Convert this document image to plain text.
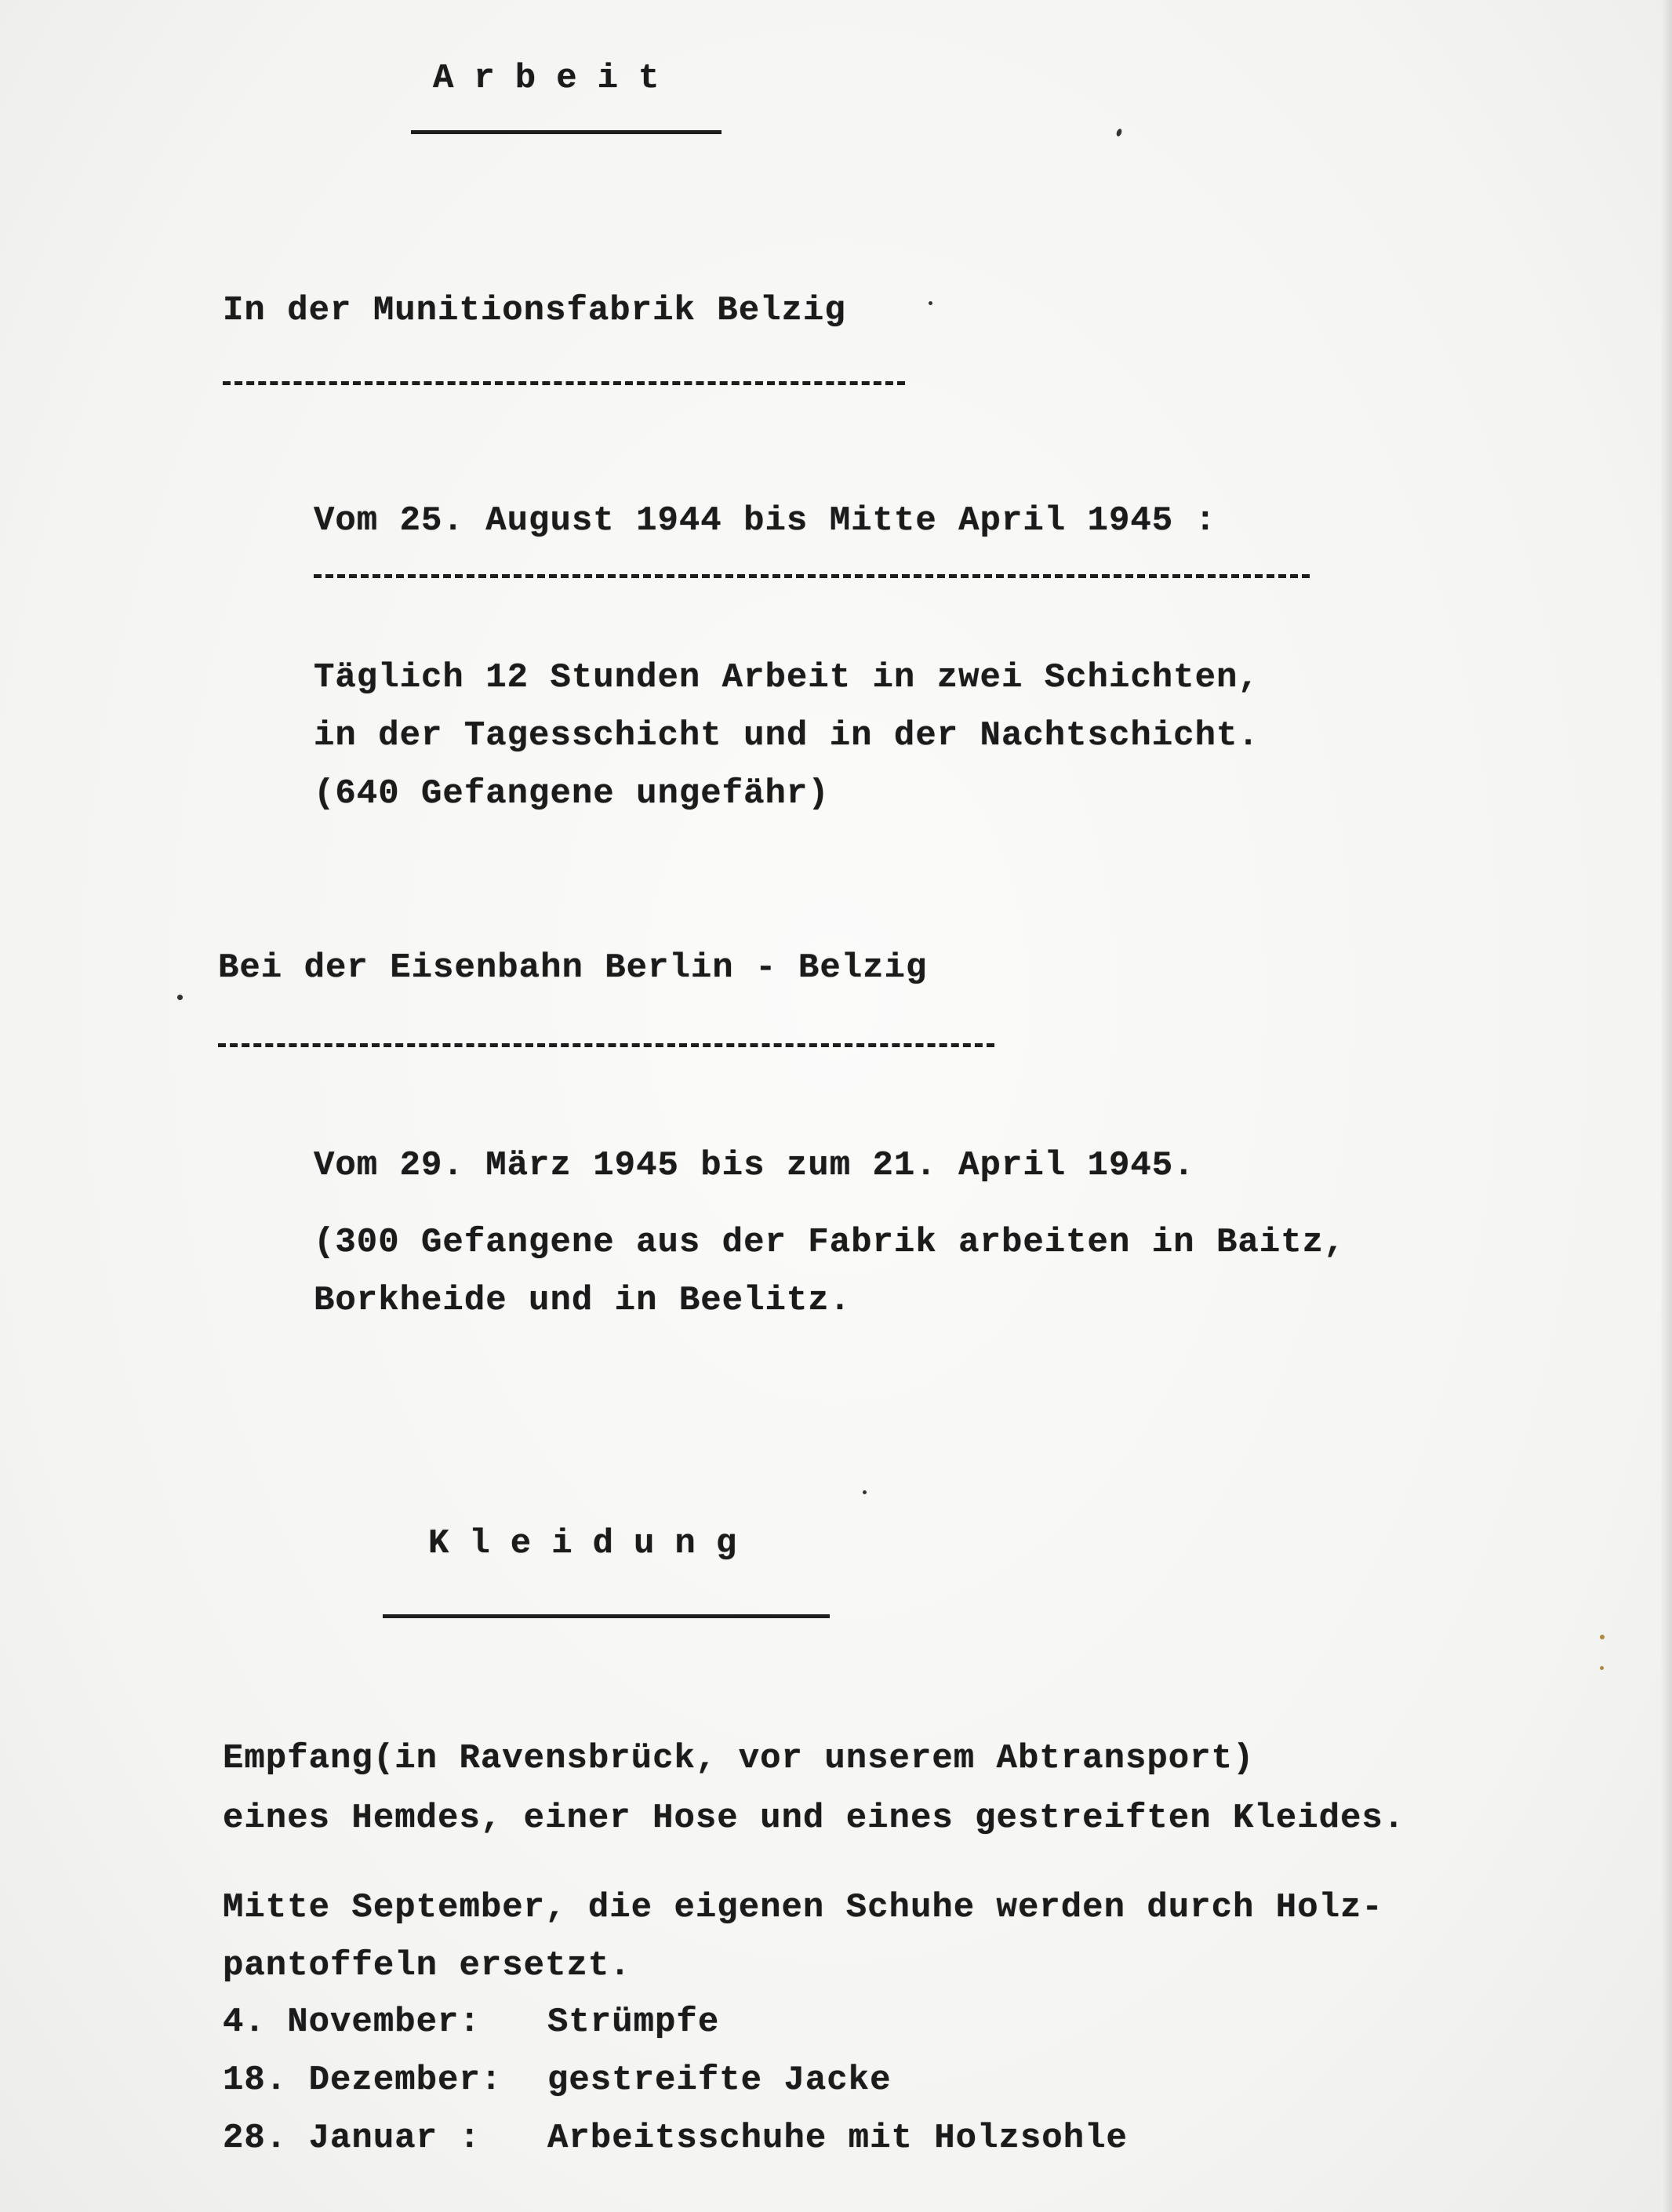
Arbeit
In der Munitionsfabrik Belzig
Vom 25. August 1944 bis Mitte April 1945 :
Täglich 12 Stunden Arbeit in zwei Schichten,
in der Tagesschicht und in der Nachtschicht.
(640 Gefangene ungefähr)
Bei der Eisenbahn Berlin - Belzig
Vom 29. März 1945 bis zum 21. April 1945.
(300 Gefangene aus der Fabrik arbeiten in Baitz,
Borkheide und in Beelitz.
Kleidung
Empfang(in Ravensbrück, vor unserem Abtransport)
eines Hemdes, einer Hose und eines gestreiften Kleides.
Mitte September, die eigenen Schuhe werden durch Holz-
pantoffeln ersetzt.
4. November: Strümpfe
18. Dezember: gestreifte Jacke
28. Januar : Arbeitsschuhe mit Holzsohle
